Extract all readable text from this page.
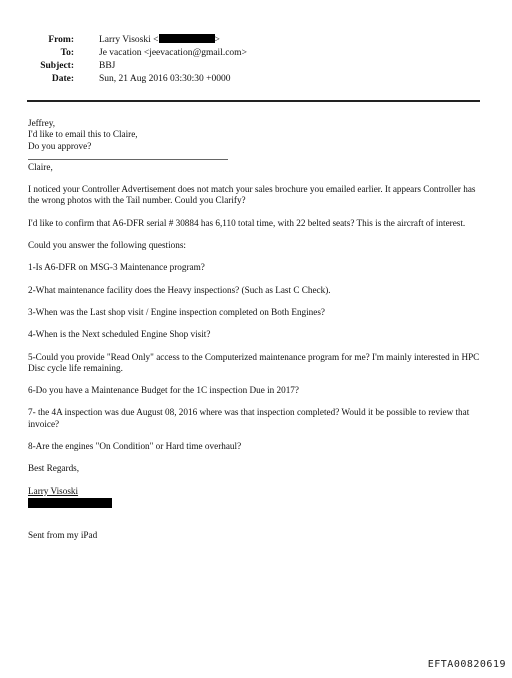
From:	Larry Visoski <	>
To:	Je vacation <jeevacation@gmail.com>
Subject:	BBJ
Date:	Sun, 21 Aug 2016 03:30:30 +0000

Jeffrey,

I'd like to email this to Claire,

Do you approve?

Claire,

I noticed your Controller Advertisement does not match your sales brochure you emailed earlier. It appears Controller has the wrong photos with the Tail number. Could you Clarify?

I'd like to confirm that A6-DFR serial # 30884 has 6,110 total time, with 22 belted seats? This is the aircraft of interest.

Could you answer the following questions:

1-Is A6-DFR on MSG-3 Maintenance program?

2-What maintenance facility does the Heavy inspections? (Such as Last C Check).

3-When was the Last shop visit / Engine inspection completed on Both Engines?

4-When is the Next scheduled Engine Shop visit?

5-Could you provide "Read Only" access to the Computerized maintenance program for me? I'm mainly interested in HPC Disc cycle life remaining.

6-Do you have a Maintenance Budget for the 1C inspection Due in 2017?

7- the 4A inspection was due August 08, 2016 where was that inspection completed? Would it be possible to review that invoice?

8-Are the engines "On Condition" or Hard time overhaul?

Best Regards,

Larry Visoski

Sent from my iPad

EFTA00820619
